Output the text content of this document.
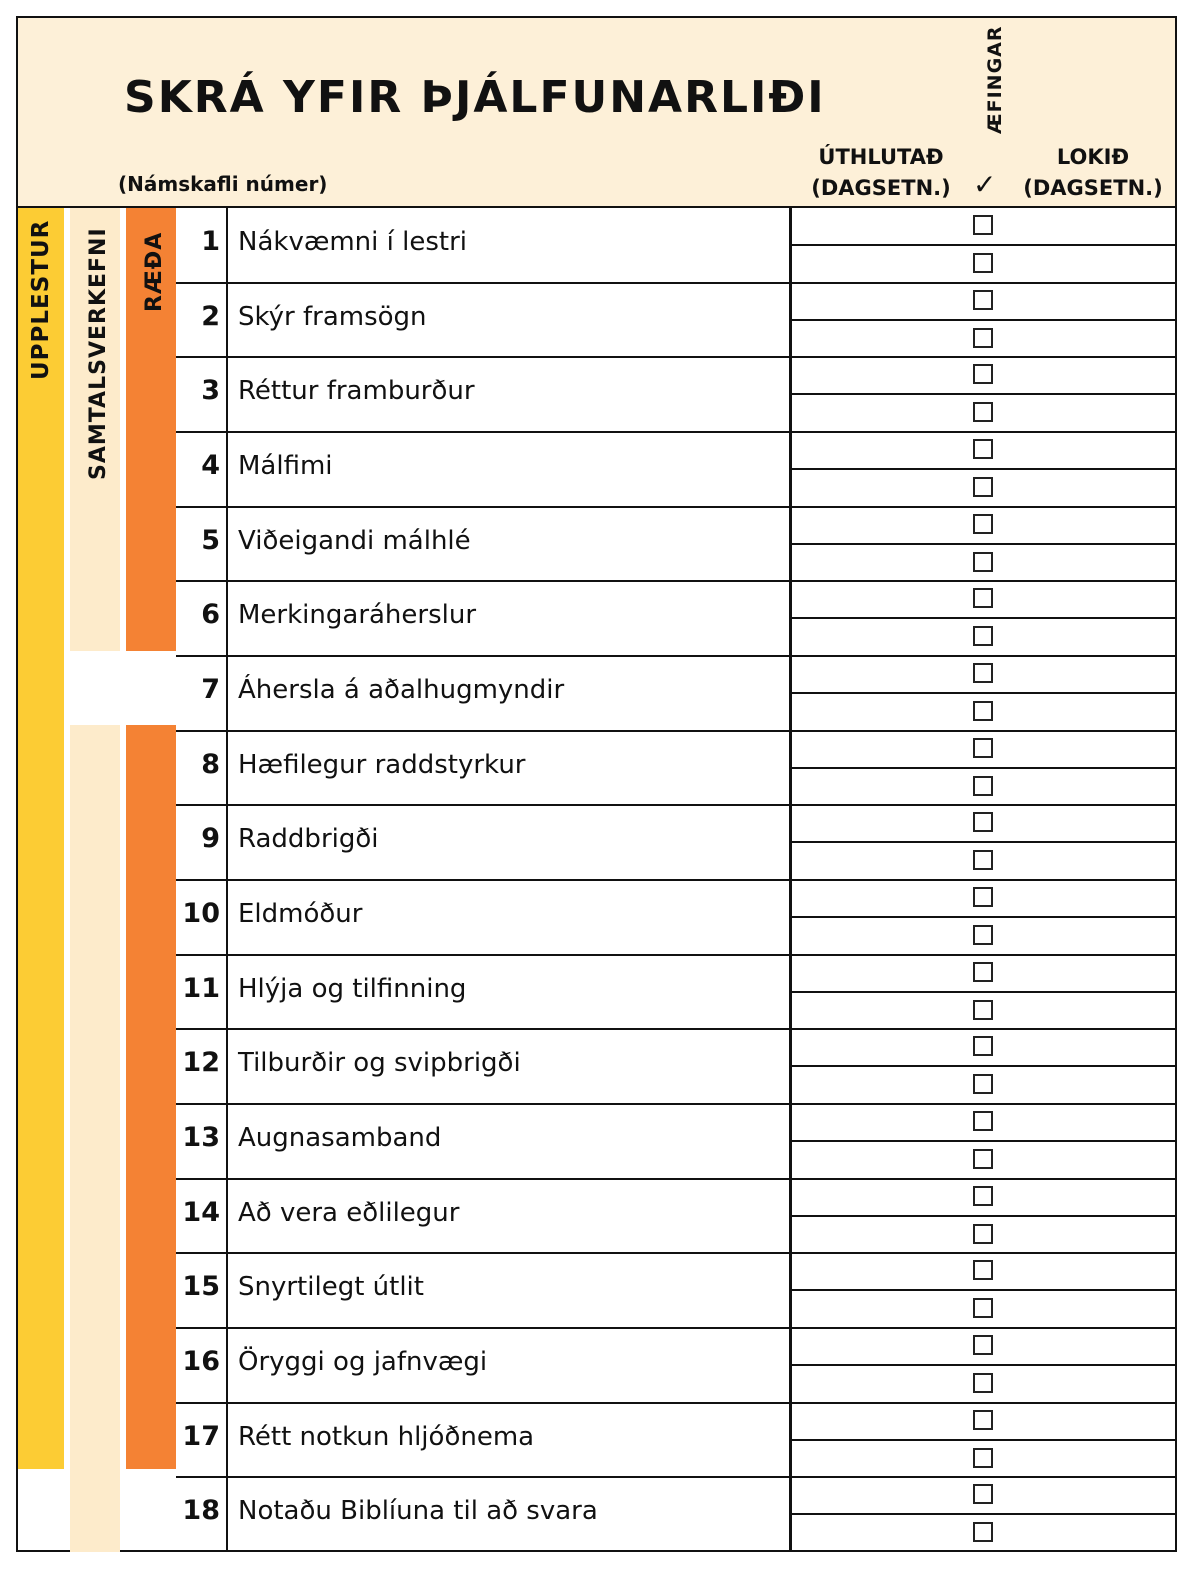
SKRÁ YFIR ÞJÁLFUNARLIÐI
(Námskafli númer)
ÚTHLUTAÐ
(DAGSETN.)
ÆFINGAR
✓
LOKIÐ
(DAGSETN.)
UPPLESTUR SAMTALSVERKEFNI RÆÐA	1 Nákvæmni í lestri
2 Skýr framsögn
3 Réttur framburður
4 Málfimi
5 Viðeigandi málhlé
6 Merkingaráherslur
7 Áhersla á aðalhugmyndir
8 Hæfilegur raddstyrkur
9 Raddbrigði
10 Eldmóður
11 Hlýja og tilfinning
12 Tilburðir og svipbrigði
13 Augnasamband
14 Að vera eðlilegur
15 Snyrtilegt útlit
16 Öryggi og jafnvægi
17 Rétt notkun hljóðnema
18 Notaðu Biblíuna til að svara
